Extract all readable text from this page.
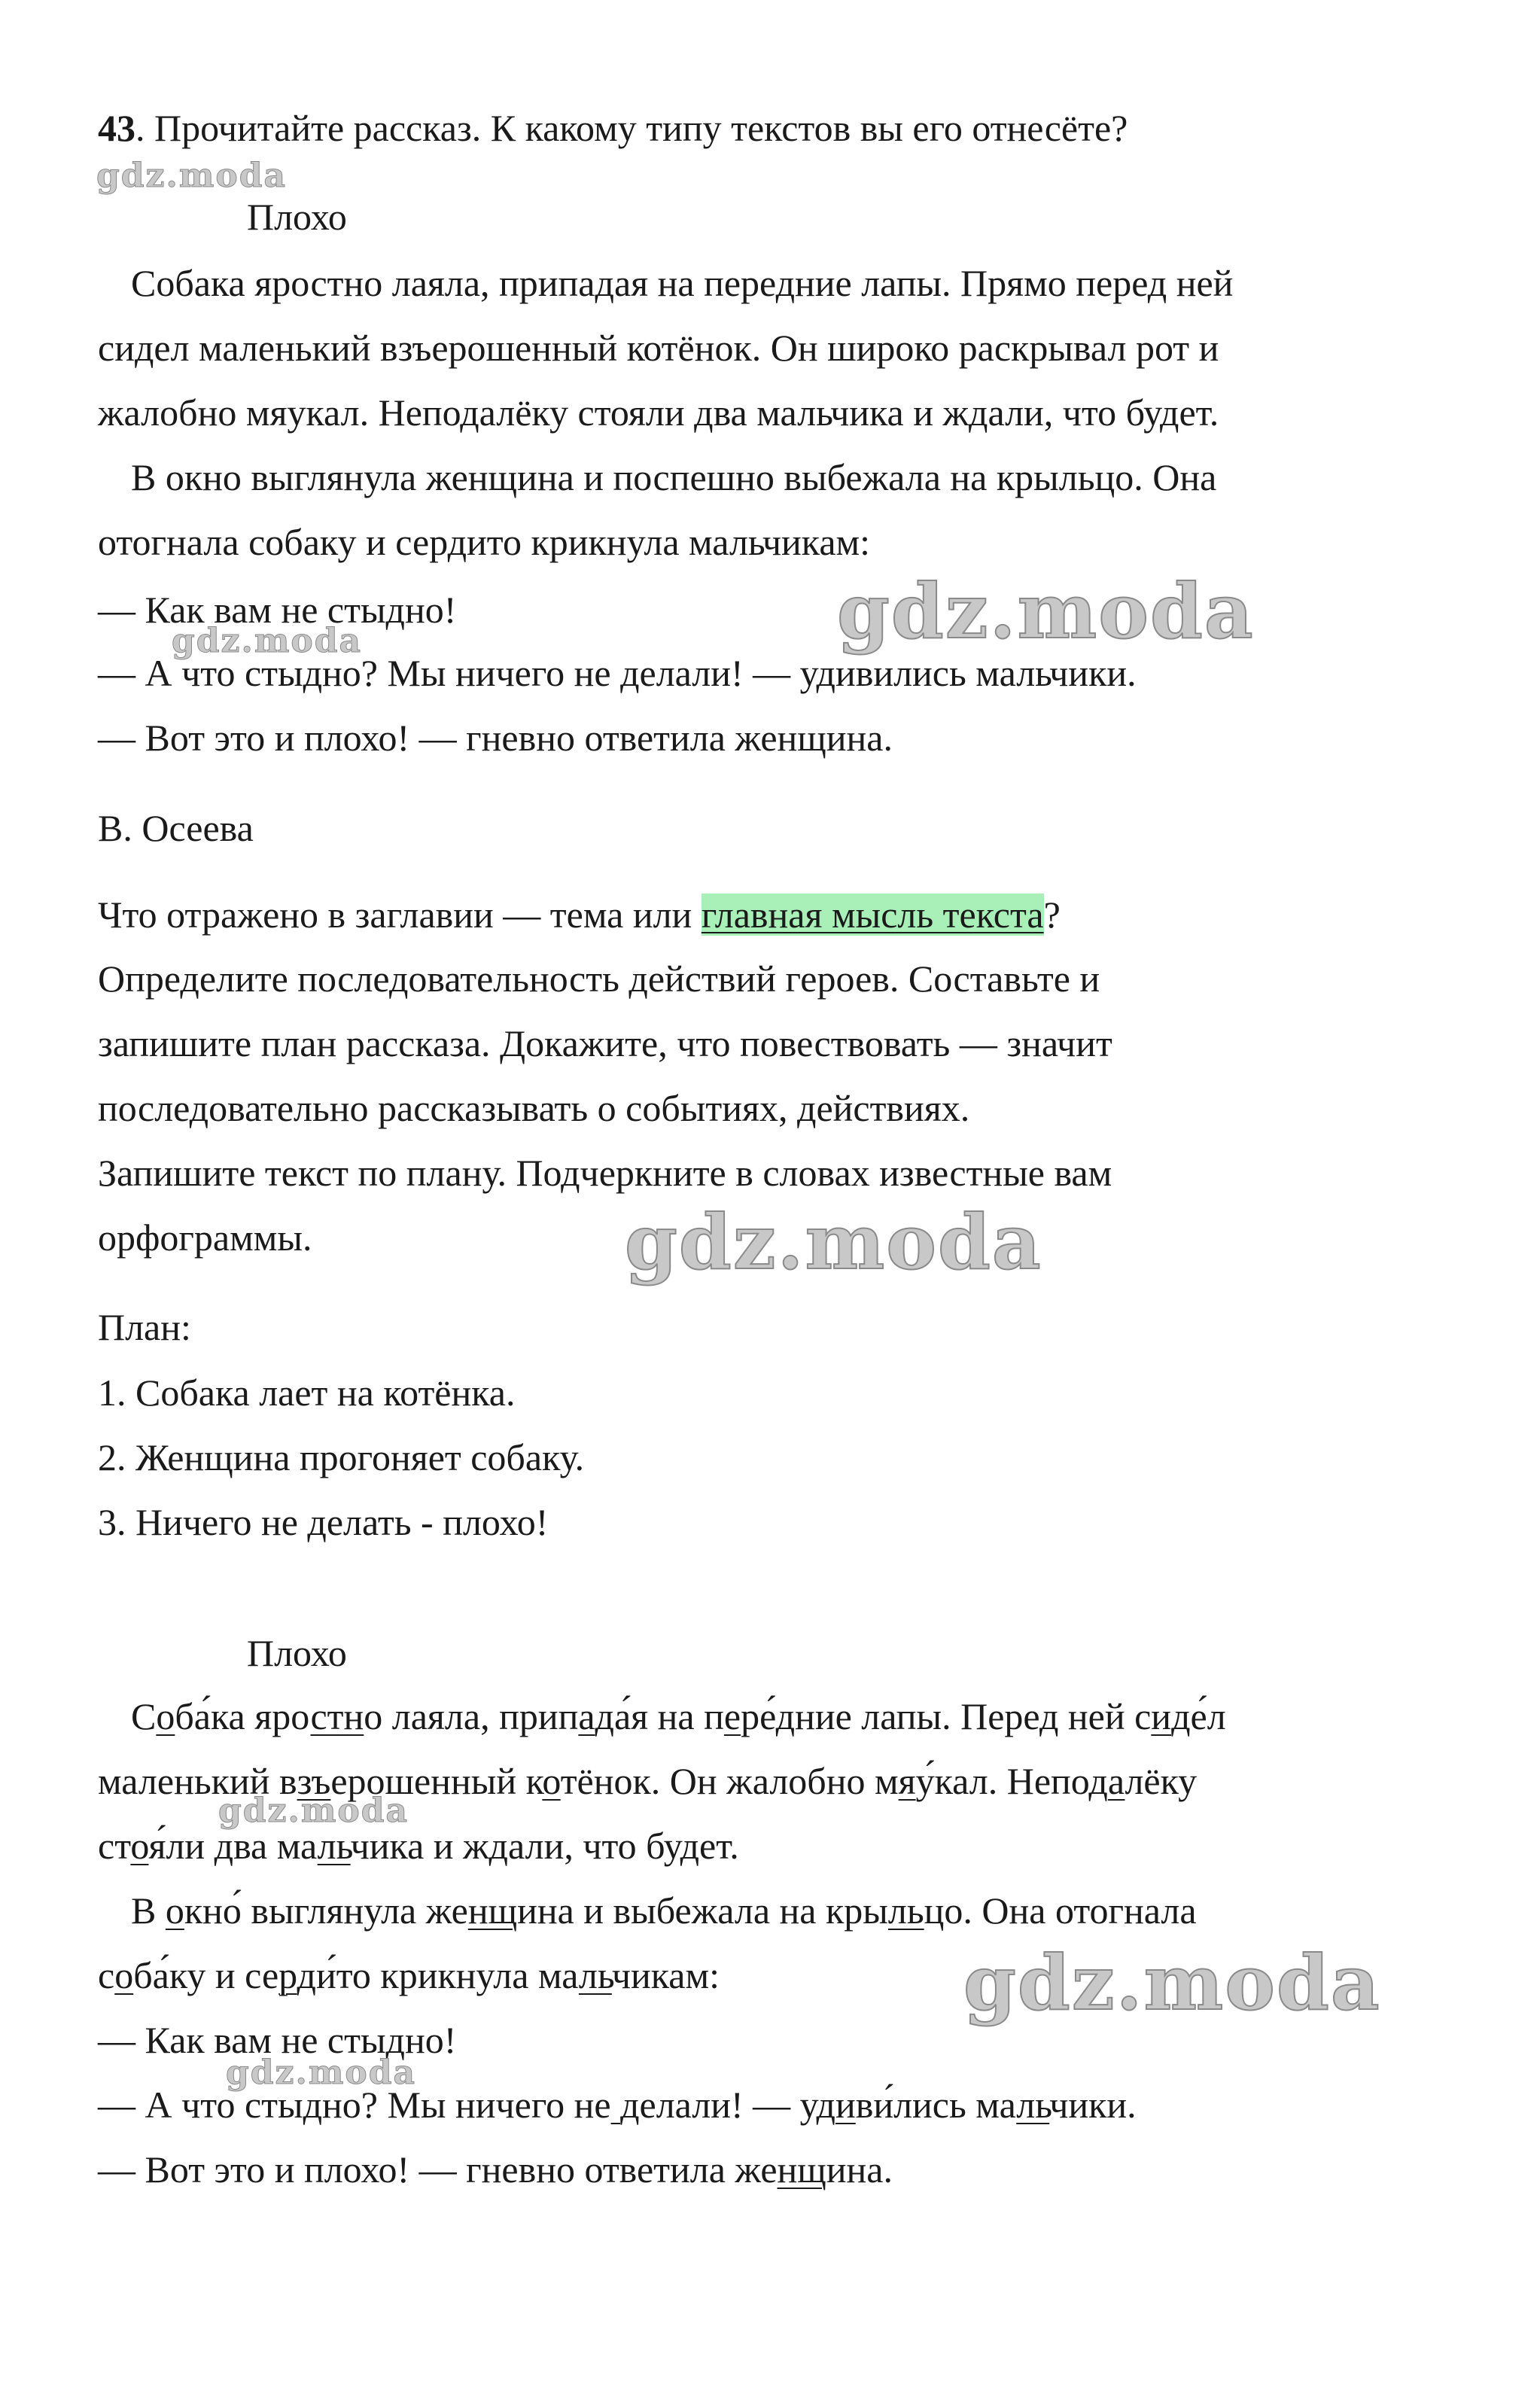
43. Прочитайте рассказ. К какому типу текстов вы его отнесёте?
Плохо
Собака яростно лаяла, припадая на передние лапы. Прямо перед ней
сидел маленький взъерошенный котёнок. Он широко раскрывал рот и
жалобно мяукал. Неподалёку стояли два мальчика и ждали, что будет.
В окно выглянула женщина и поспешно выбежала на крыльцо. Она
отогнала собаку и сердито крикнула мальчикам:
— Как вам не стыдно!
— А что стыдно? Мы ничего не делали! — удивились мальчики.
— Вот это и плохо! — гневно ответила женщина.
В. Осеева
Что отражено в заглавии — тема или главная мысль текста?
Определите последовательность действий героев. Составьте и
запишите план рассказа. Докажите, что повествовать — значит
последовательно рассказывать о событиях, действиях.
Запишите текст по плану. Подчеркните в словах известные вам
орфограммы.
План:
1. Собака лает на котёнка.
2. Женщина прогоняет собаку.
3. Ничего не делать - плохо!
Плохо
Соба́ка яростно лаяла, припада́я на пере́дние лапы. Перед ней сиде́л
маленький взъерошенный котёнок. Он жалобно мяу́кал. Неподалёку
стоя́ли два мальчика и ждали, что будет.
В окно́ выглянула женщина и выбежала на крыльцо. Она отогнала
соба́ку и серди́то крикнула мальчикам:
— Как вам не стыдно!
— А что стыдно? Мы ничего не делали! — удиви́лись мальчики.
— Вот это и плохо! — гневно ответила женщина.
gdz.moda
gdz.moda
gdz.moda
gdz.moda
gdz.moda
gdz.moda
gdz.moda
